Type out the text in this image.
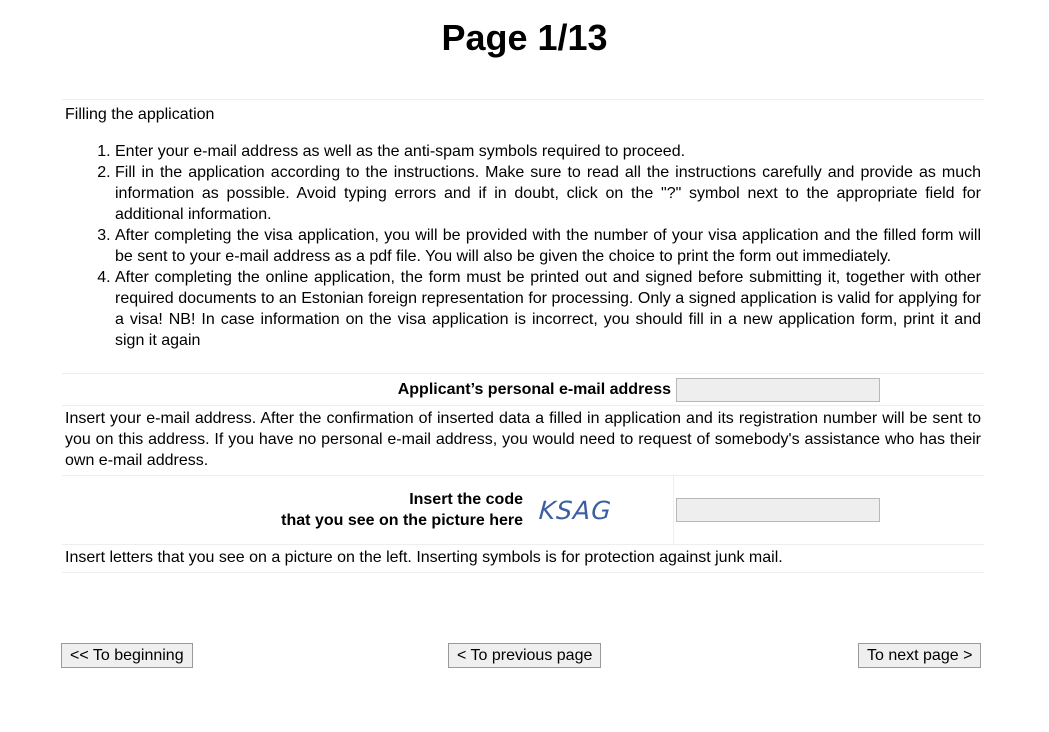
Page 1/13
Filling the application
1. Enter your e-mail address as well as the anti-spam symbols required to proceed.
2. Fill in the application according to the instructions. Make sure to read all the instructions carefully and provide as much information as possible. Avoid typing errors and if in doubt, click on the "?" symbol next to the appropriate field for additional information.
3. After completing the visa application, you will be provided with the number of your visa application and the filled form will be sent to your e-mail address as a pdf file. You will also be given the choice to print the form out immediately.
4. After completing the online application, the form must be printed out and signed before submitting it, together with other required documents to an Estonian foreign representation for processing. Only a signed application is valid for applying for a visa! NB! In case information on the visa application is incorrect, you should fill in a new application form, print it and sign it again
Applicant’s personal e-mail address
Insert your e-mail address. After the confirmation of inserted data a filled in application and its registration number will be sent to you on this address. If you have no personal e-mail address, you would need to request of somebody's assistance who has their own e-mail address.
Insert the code
that you see on the picture here KSAG
Insert letters that you see on a picture on the left. Inserting symbols is for protection against junk mail.
<< To beginning	< To previous page	To next page >
